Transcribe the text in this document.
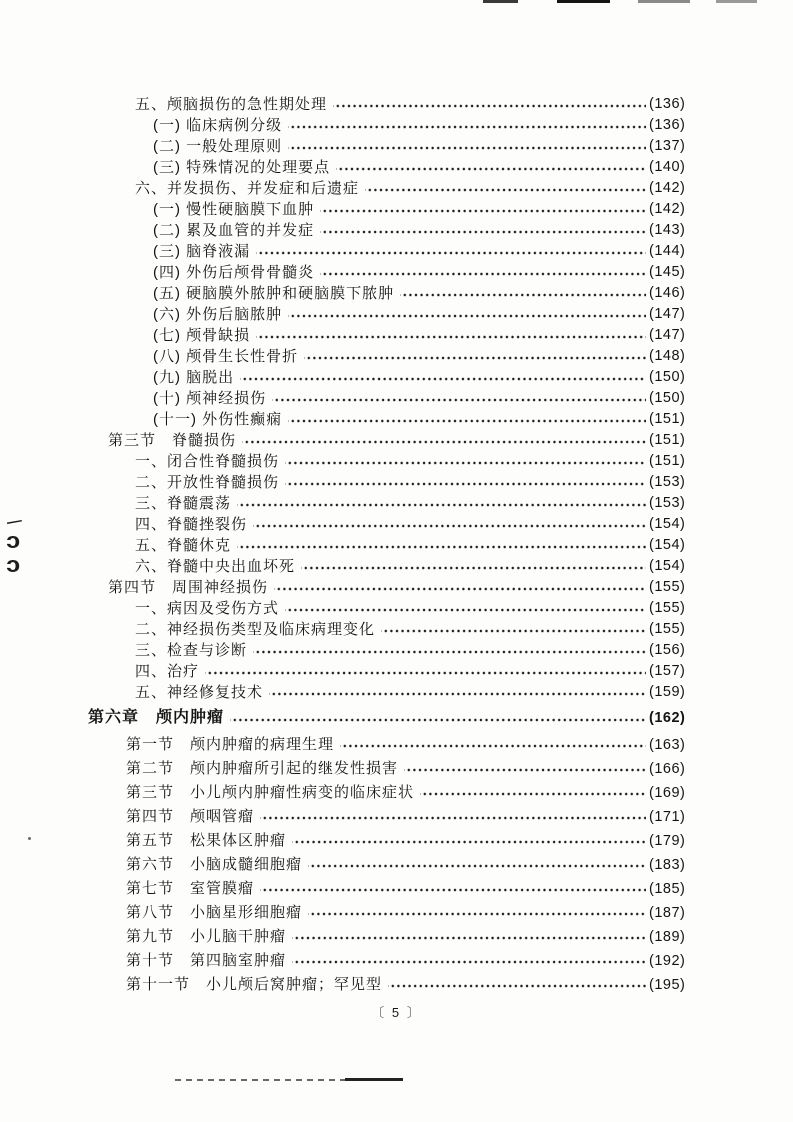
—
ɔ
ɔ
五、颅脑损伤的急性期处理	(136)
(一) 临床病例分级	(136)
(二) 一般处理原则	(137)
(三) 特殊情况的处理要点	(140)
六、并发损伤、并发症和后遗症	(142)
(一) 慢性硬脑膜下血肿	(142)
(二) 累及血管的并发症	(143)
(三) 脑脊液漏	(144)
(四) 外伤后颅骨骨髓炎	(145)
(五) 硬脑膜外脓肿和硬脑膜下脓肿	(146)
(六) 外伤后脑脓肿	(147)
(七) 颅骨缺损	(147)
(八) 颅骨生长性骨折	(148)
(九) 脑脱出	(150)
(十) 颅神经损伤	(150)
(十一) 外伤性癫痫	(151)
第三节　脊髓损伤	(151)
一、闭合性脊髓损伤	(151)
二、开放性脊髓损伤	(153)
三、脊髓震荡	(153)
四、脊髓挫裂伤	(154)
五、脊髓休克	(154)
六、脊髓中央出血坏死	(154)
第四节　周围神经损伤	(155)
一、病因及受伤方式	(155)
二、神经损伤类型及临床病理变化	(155)
三、检查与诊断	(156)
四、治疗	(157)
五、神经修复技术	(159)
第六章　颅内肿瘤	(162)
第一节　颅内肿瘤的病理生理	(163)
第二节　颅内肿瘤所引起的继发性损害	(166)
第三节　小儿颅内肿瘤性病变的临床症状	(169)
第四节　颅咽管瘤	(171)
第五节　松果体区肿瘤	(179)
第六节　小脑成髓细胞瘤	(183)
第七节　室管膜瘤	(185)
第八节　小脑星形细胞瘤	(187)
第九节　小儿脑干肿瘤	(189)
第十节　第四脑室肿瘤	(192)
第十一节　小儿颅后窝肿瘤；罕见型	(195)
〔 5 〕
